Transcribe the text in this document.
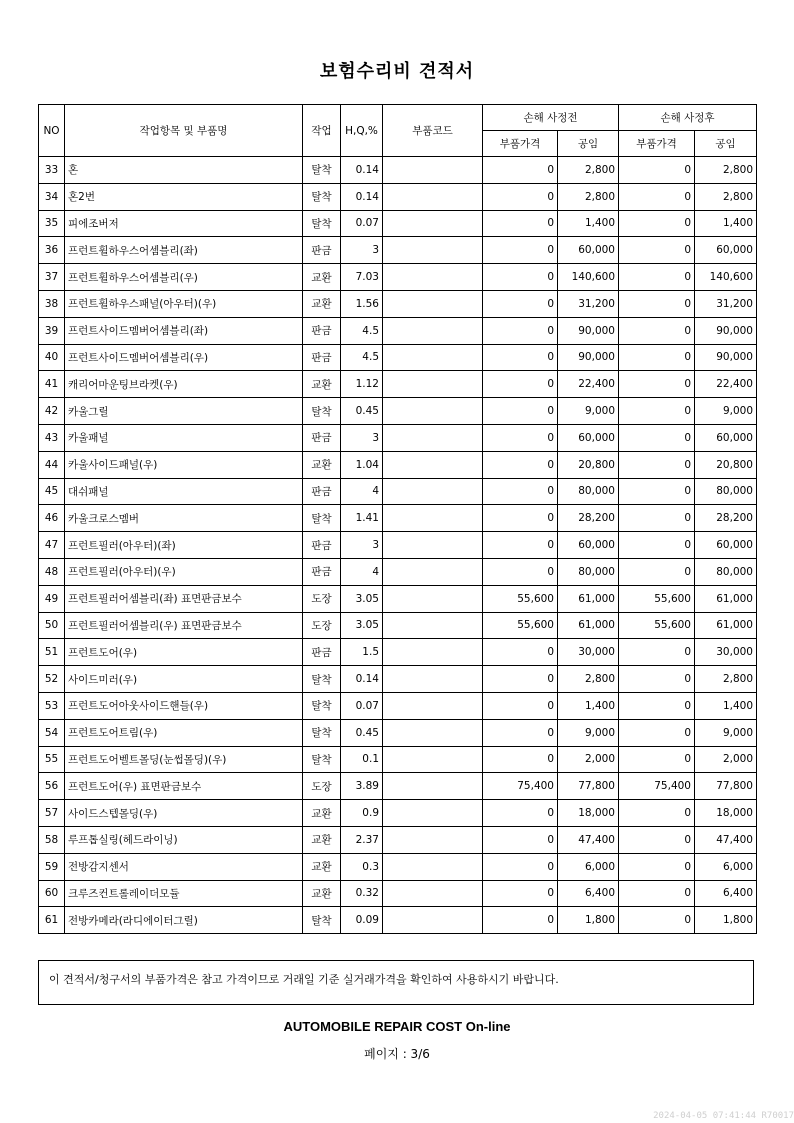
보험수리비 견적서
NO	작업항목 및 부품명	작업	H,Q,%	부품코드	손해 사정전		손해 사정후	
					부품가격	공임	부품가격	공임
33	혼	탈착	0.14		0	2,800	0	2,800
34	혼2번	탈착	0.14		0	2,800	0	2,800
35	피에조버저	탈착	0.07		0	1,400	0	1,400
36	프런트휠하우스어셈블리(좌)	판금	3		0	60,000	0	60,000
37	프런트휠하우스어셈블리(우)	교환	7.03		0	140,600	0	140,600
38	프런트휠하우스패널(아우터)(우)	교환	1.56		0	31,200	0	31,200
39	프런트사이드멤버어셈블리(좌)	판금	4.5		0	90,000	0	90,000
40	프런트사이드멤버어셈블리(우)	판금	4.5		0	90,000	0	90,000
41	캐리어마운팅브라켓(우)	교환	1.12		0	22,400	0	22,400
42	카울그릴	탈착	0.45		0	9,000	0	9,000
43	카울패널	판금	3		0	60,000	0	60,000
44	카울사이드패널(우)	교환	1.04		0	20,800	0	20,800
45	대쉬패널	판금	4		0	80,000	0	80,000
46	카울크로스멤버	탈착	1.41		0	28,200	0	28,200
47	프런트필러(아우터)(좌)	판금	3		0	60,000	0	60,000
48	프런트필러(아우터)(우)	판금	4		0	80,000	0	80,000
49	프런트필러어셈블리(좌) 표면판금보수	도장	3.05		55,600	61,000	55,600	61,000
50	프런트필러어셈블리(우) 표면판금보수	도장	3.05		55,600	61,000	55,600	61,000
51	프런트도어(우)	판금	1.5		0	30,000	0	30,000
52	사이드미러(우)	탈착	0.14		0	2,800	0	2,800
53	프런트도어아웃사이드핸들(우)	탈착	0.07		0	1,400	0	1,400
54	프런트도어트림(우)	탈착	0.45		0	9,000	0	9,000
55	프런트도어벨트몰딩(눈썹몰딩)(우)	탈착	0.1		0	2,000	0	2,000
56	프런트도어(우) 표면판금보수	도장	3.89		75,400	77,800	75,400	77,800
57	사이드스텝몰딩(우)	교환	0.9		0	18,000	0	18,000
58	루프톱실링(헤드라이닝)	교환	2.37		0	47,400	0	47,400
59	전방감지센서	교환	0.3		0	6,000	0	6,000
60	크루즈컨트롤레이더모듈	교환	0.32		0	6,400	0	6,400
61	전방카메라(라디에이터그릴)	탈착	0.09		0	1,800	0	1,800
이 견적서/청구서의 부품가격은 참고 가격이므로 거래일 기준 실거래가격을 확인하여 사용하시기 바랍니다.
AUTOMOBILE REPAIR COST On-line
페이지 : 3/6
2024-04-05 07:41:44 R70017
